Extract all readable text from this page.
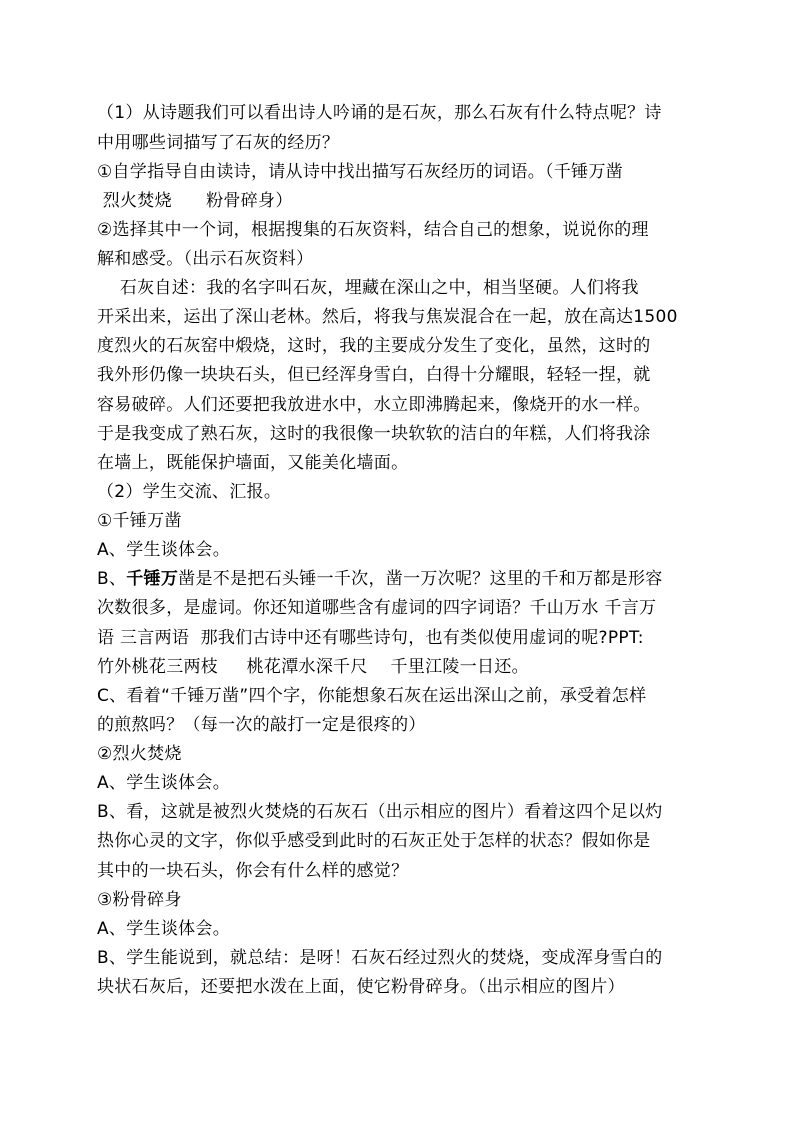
（1）从诗题我们可以看出诗人吟诵的是石灰，那么石灰有什么特点呢？诗
中用哪些词描写了石灰的经历？
①自学指导自由读诗，请从诗中找出描写石灰经历的词语。（千锤万凿
烈火焚烧      粉骨碎身）
②选择其中一个词，根据搜集的石灰资料，结合自己的想象，说说你的理
解和感受。（出示石灰资料）
石灰自述：我的名字叫石灰，埋藏在深山之中，相当坚硬。人们将我
开采出来，运出了深山老林。然后，将我与焦炭混合在一起，放在高达1500
度烈火的石灰窑中煅烧，这时，我的主要成分发生了变化，虽然，这时的
我外形仍像一块块石头，但已经浑身雪白，白得十分耀眼，轻轻一捏，就
容易破碎。人们还要把我放进水中，水立即沸腾起来，像烧开的水一样。
于是我变成了熟石灰，这时的我很像一块软软的洁白的年糕，人们将我涂
在墙上，既能保护墙面，又能美化墙面。
（2）学生交流、汇报。
①千锤万凿
A、学生谈体会。
B、千锤万凿是不是把石头锤一千次，凿一万次呢？这里的千和万都是形容
次数很多，是虚词。你还知道哪些含有虚词的四字词语？千山万水 千言万
语 三言两语  那我们古诗中还有哪些诗句，也有类似使用虚词的呢?PPT:
竹外桃花三两枝     桃花潭水深千尺    千里江陵一日还。
C、看着“千锤万凿”四个字，你能想象石灰在运出深山之前，承受着怎样
的煎熬吗？（每一次的敲打一定是很疼的）
②烈火焚烧
A、学生谈体会。
B、看，这就是被烈火焚烧的石灰石（出示相应的图片）看着这四个足以灼
热你心灵的文字，你似乎感受到此时的石灰正处于怎样的状态？假如你是
其中的一块石头，你会有什么样的感觉？
③粉骨碎身
A、学生谈体会。
B、学生能说到，就总结：是呀！石灰石经过烈火的焚烧，变成浑身雪白的
块状石灰后，还要把水泼在上面，使它粉骨碎身。（出示相应的图片）
